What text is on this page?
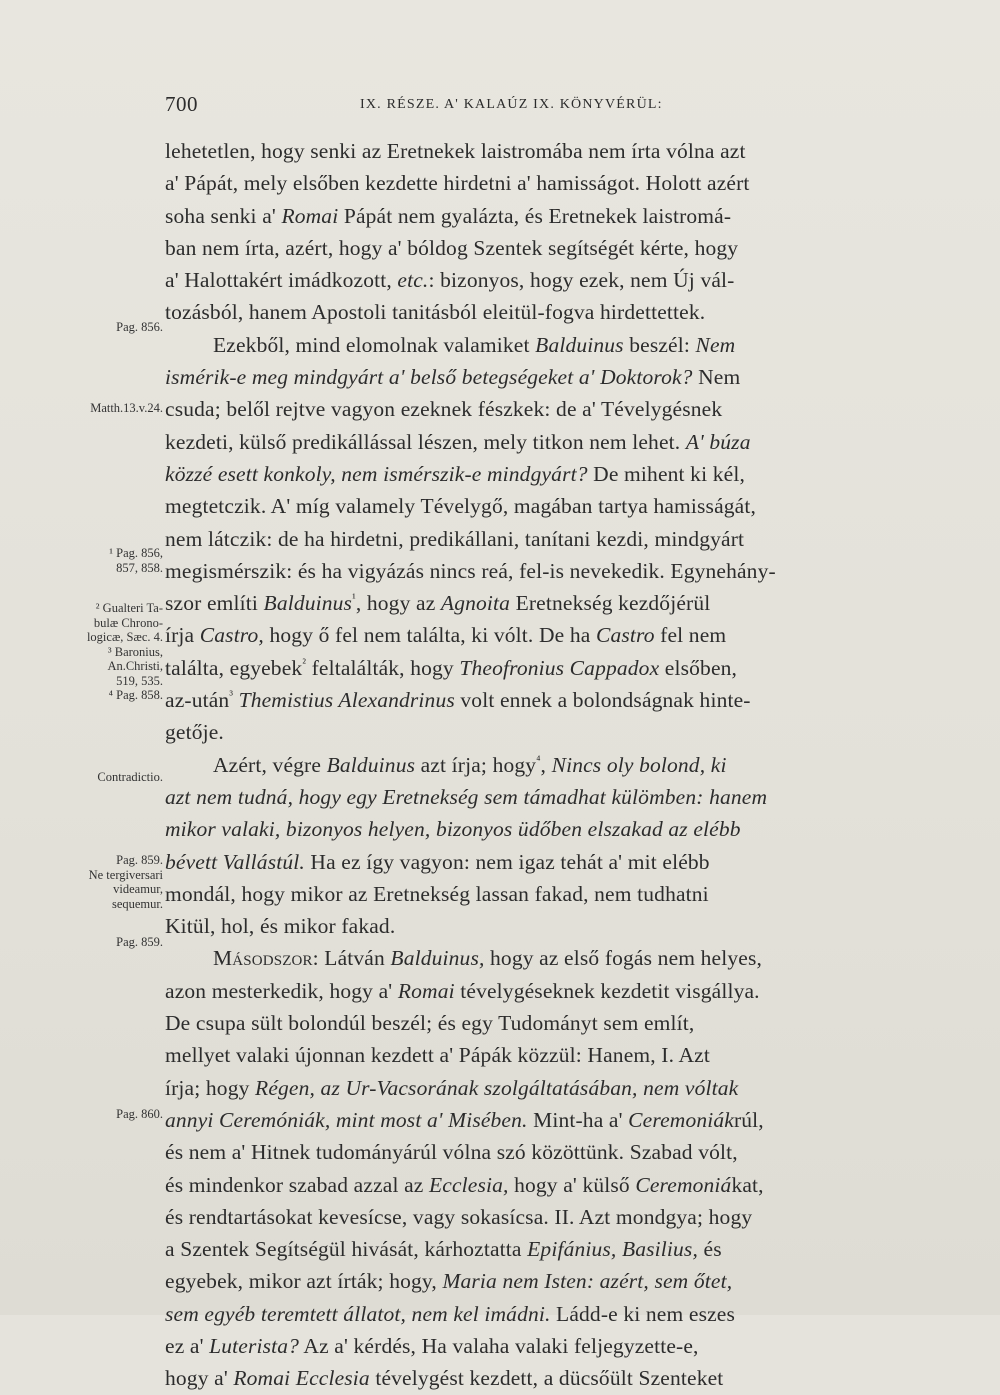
700	IX. RÉSZE. A' KALAÚZ IX. KÖNYVÉRÜL:
Pag. 856.
Matth.13.v.24.
¹ Pag. 856,
857, 858.
² Gualteri Ta-
bulæ Chrono-
logicæ, Sæc. 4.
³ Baronius,
An.Christi,
519, 535.
⁴ Pag. 858.
Contradictio.
Pag. 859.
Ne tergiversari
videamur,
sequemur.
Pag. 859.
Pag. 860.
lehetetlen, hogy senki az Eretnekek laistromába nem írta vólna azt
a' Pápát, mely elsőben kezdette hirdetni a' hamisságot. Holott azért
soha senki a' Romai Pápát nem gyalázta, és Eretnekek laistromá-
ban nem írta, azért, hogy a' bóldog Szentek segítségét kérte, hogy
a' Halottakért imádkozott, etc.: bizonyos, hogy ezek, nem Új vál-
tozásból, hanem Apostoli tanitásból eleitül-fogva hirdettettek.
Ezekből, mind elomolnak valamiket Balduinus beszél: Nem
ismérik-e meg mindgyárt a' belső betegségeket a' Doktorok? Nem
csuda; belől rejtve vagyon ezeknek fészkek: de a' Tévelygésnek
kezdeti, külső predikállással lészen, mely titkon nem lehet. A' búza
közzé esett konkoly, nem ismérszik-e mindgyárt? De mihent ki kél,
megtetczik. A' míg valamely Tévelygő, magában tartya hamisságát,
nem látczik: de ha hirdetni, predikállani, tanítani kezdi, mindgyárt
megismérszik: és ha vigyázás nincs reá, fel-is nevekedik. Egynehány-
szor említi Balduinus$^{^1}$, hogy az Agnoita Eretnekség kezdőjérül
írja Castro, hogy ő fel nem találta, ki vólt. De ha Castro fel nem
találta, egyebek$^{^2}$ feltalálták, hogy Theofronius Cappadox elsőben,
az-után$^{^3}$ Themistius Alexandrinus volt ennek a bolondságnak hinte-
getője.
Azért, végre Balduinus azt írja; hogy$^{^4}$, Nincs oly bolond, ki
azt nem tudná, hogy egy Eretnekség sem támadhat külömben: hanem
mikor valaki, bizonyos helyen, bizonyos üdőben elszakad az elébb
bévett Vallástúl. Ha ez így vagyon: nem igaz tehát a' mit elébb
mondál, hogy mikor az Eretnekség lassan fakad, nem tudhatni
Kitül, hol, és mikor fakad.
Másodszor: Látván Balduinus, hogy az első fogás nem helyes,
azon mesterkedik, hogy a' Romai tévelygéseknek kezdetit visgállya.
De csupa sült bolondúl beszél; és egy Tudományt sem említ,
mellyet valaki újonnan kezdett a' Pápák közzül: Hanem, I. Azt
írja; hogy Régen, az Ur-Vacsorának szolgáltatásában, nem vóltak
annyi Ceremóniák, mint most a' Misében. Mint-ha a' Ceremoniákrúl,
és nem a' Hitnek tudományárúl vólna szó közöttünk. Szabad vólt,
és mindenkor szabad azzal az Ecclesia, hogy a' külső Ceremoniákat,
és rendtartásokat kevesícse, vagy sokasícsa. II. Azt mondgya; hogy
a Szentek Segítségül hivását, kárhoztatta Epifánius, Basilius, és
egyebek, mikor azt írták; hogy, Maria nem Isten: azért, sem őtet,
sem egyéb teremtett állatot, nem kel imádni. Ládd-e ki nem eszes
ez a' Luterista? Az a' kérdés, Ha valaha valaki feljegyzette-e,
hogy a' Romai Ecclesia tévelygést kezdett, a dücsőült Szenteket
